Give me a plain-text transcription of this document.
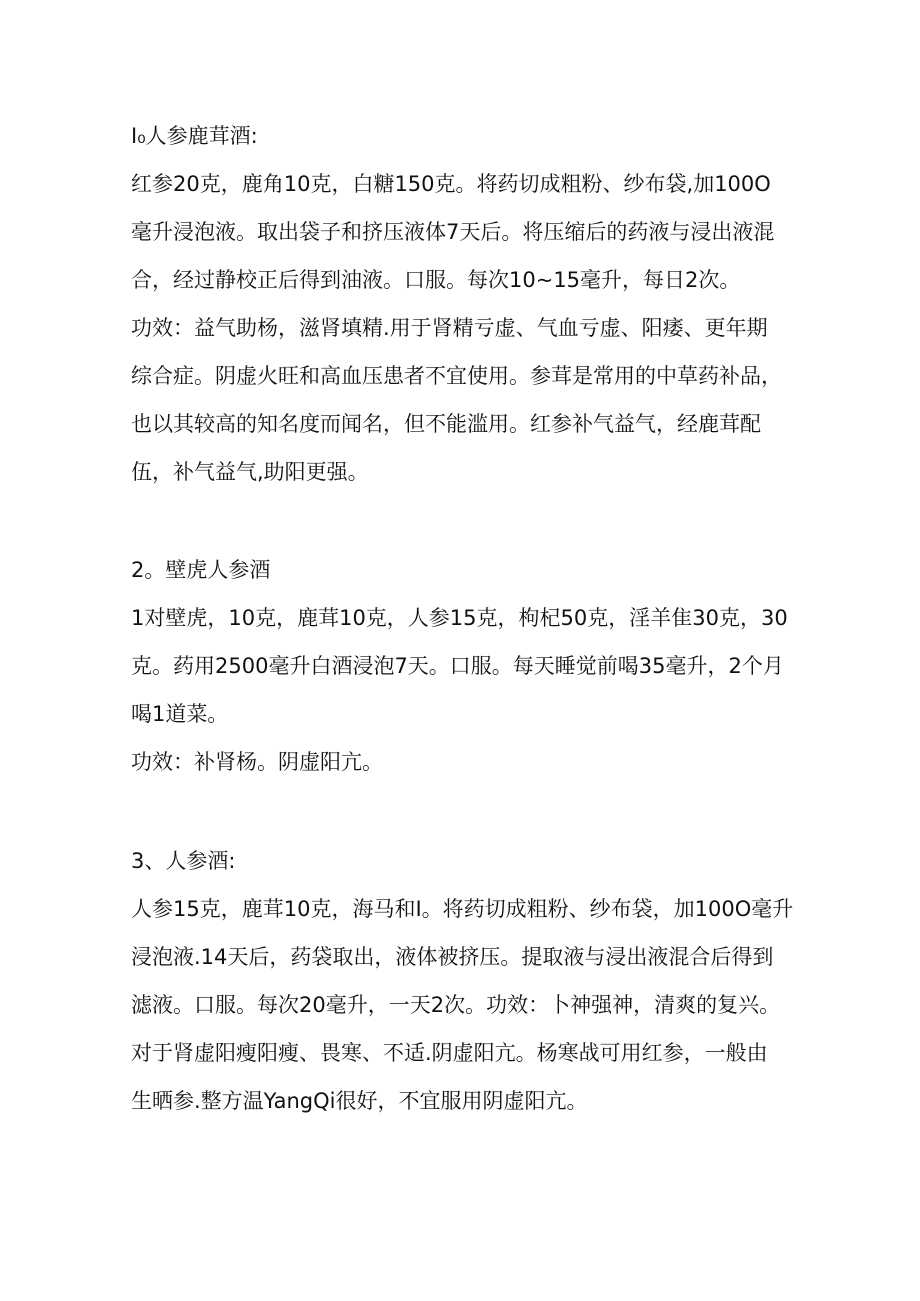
I₀人参鹿茸酒:
红参20克，鹿角10克，白糖150克。将药切成粗粉、纱布袋,加100O
毫升浸泡液。取出袋子和挤压液体7天后。将压缩后的药液与浸出液混
合，经过静校正后得到油液。口服。每次10~15毫升，每日2次。
功效：益气助杨，滋肾填精.用于肾精亏虚、气血亏虚、阳痿、更年期
综合症。阴虚火旺和高血压患者不宜使用。参茸是常用的中草药补品，
也以其较高的知名度而闻名，但不能滥用。红参补气益气，经鹿茸配
伍，补气益气,助阳更强。
2。壁虎人参酒
1对壁虎，10克，鹿茸10克，人参15克，枸杞50克，淫羊隹30克，30
克。药用2500毫升白酒浸泡7天。口服。每天睡觉前喝35毫升，2个月
喝1道菜。
功效：补肾杨。阴虚阳亢。
3、人参酒:
人参15克，鹿茸10克，海马和I。将药切成粗粉、纱布袋，加100O毫升
浸泡液.14天后，药袋取出，液体被挤压。提取液与浸出液混合后得到
滤液。口服。每次20毫升，一天2次。功效：卜神强神，清爽的复兴。
对于肾虚阳瘦阳瘦、畏寒、不适.阴虚阳亢。杨寒战可用红参，一般由
生晒参.整方温YangQi很好，不宜服用阴虚阳亢。
